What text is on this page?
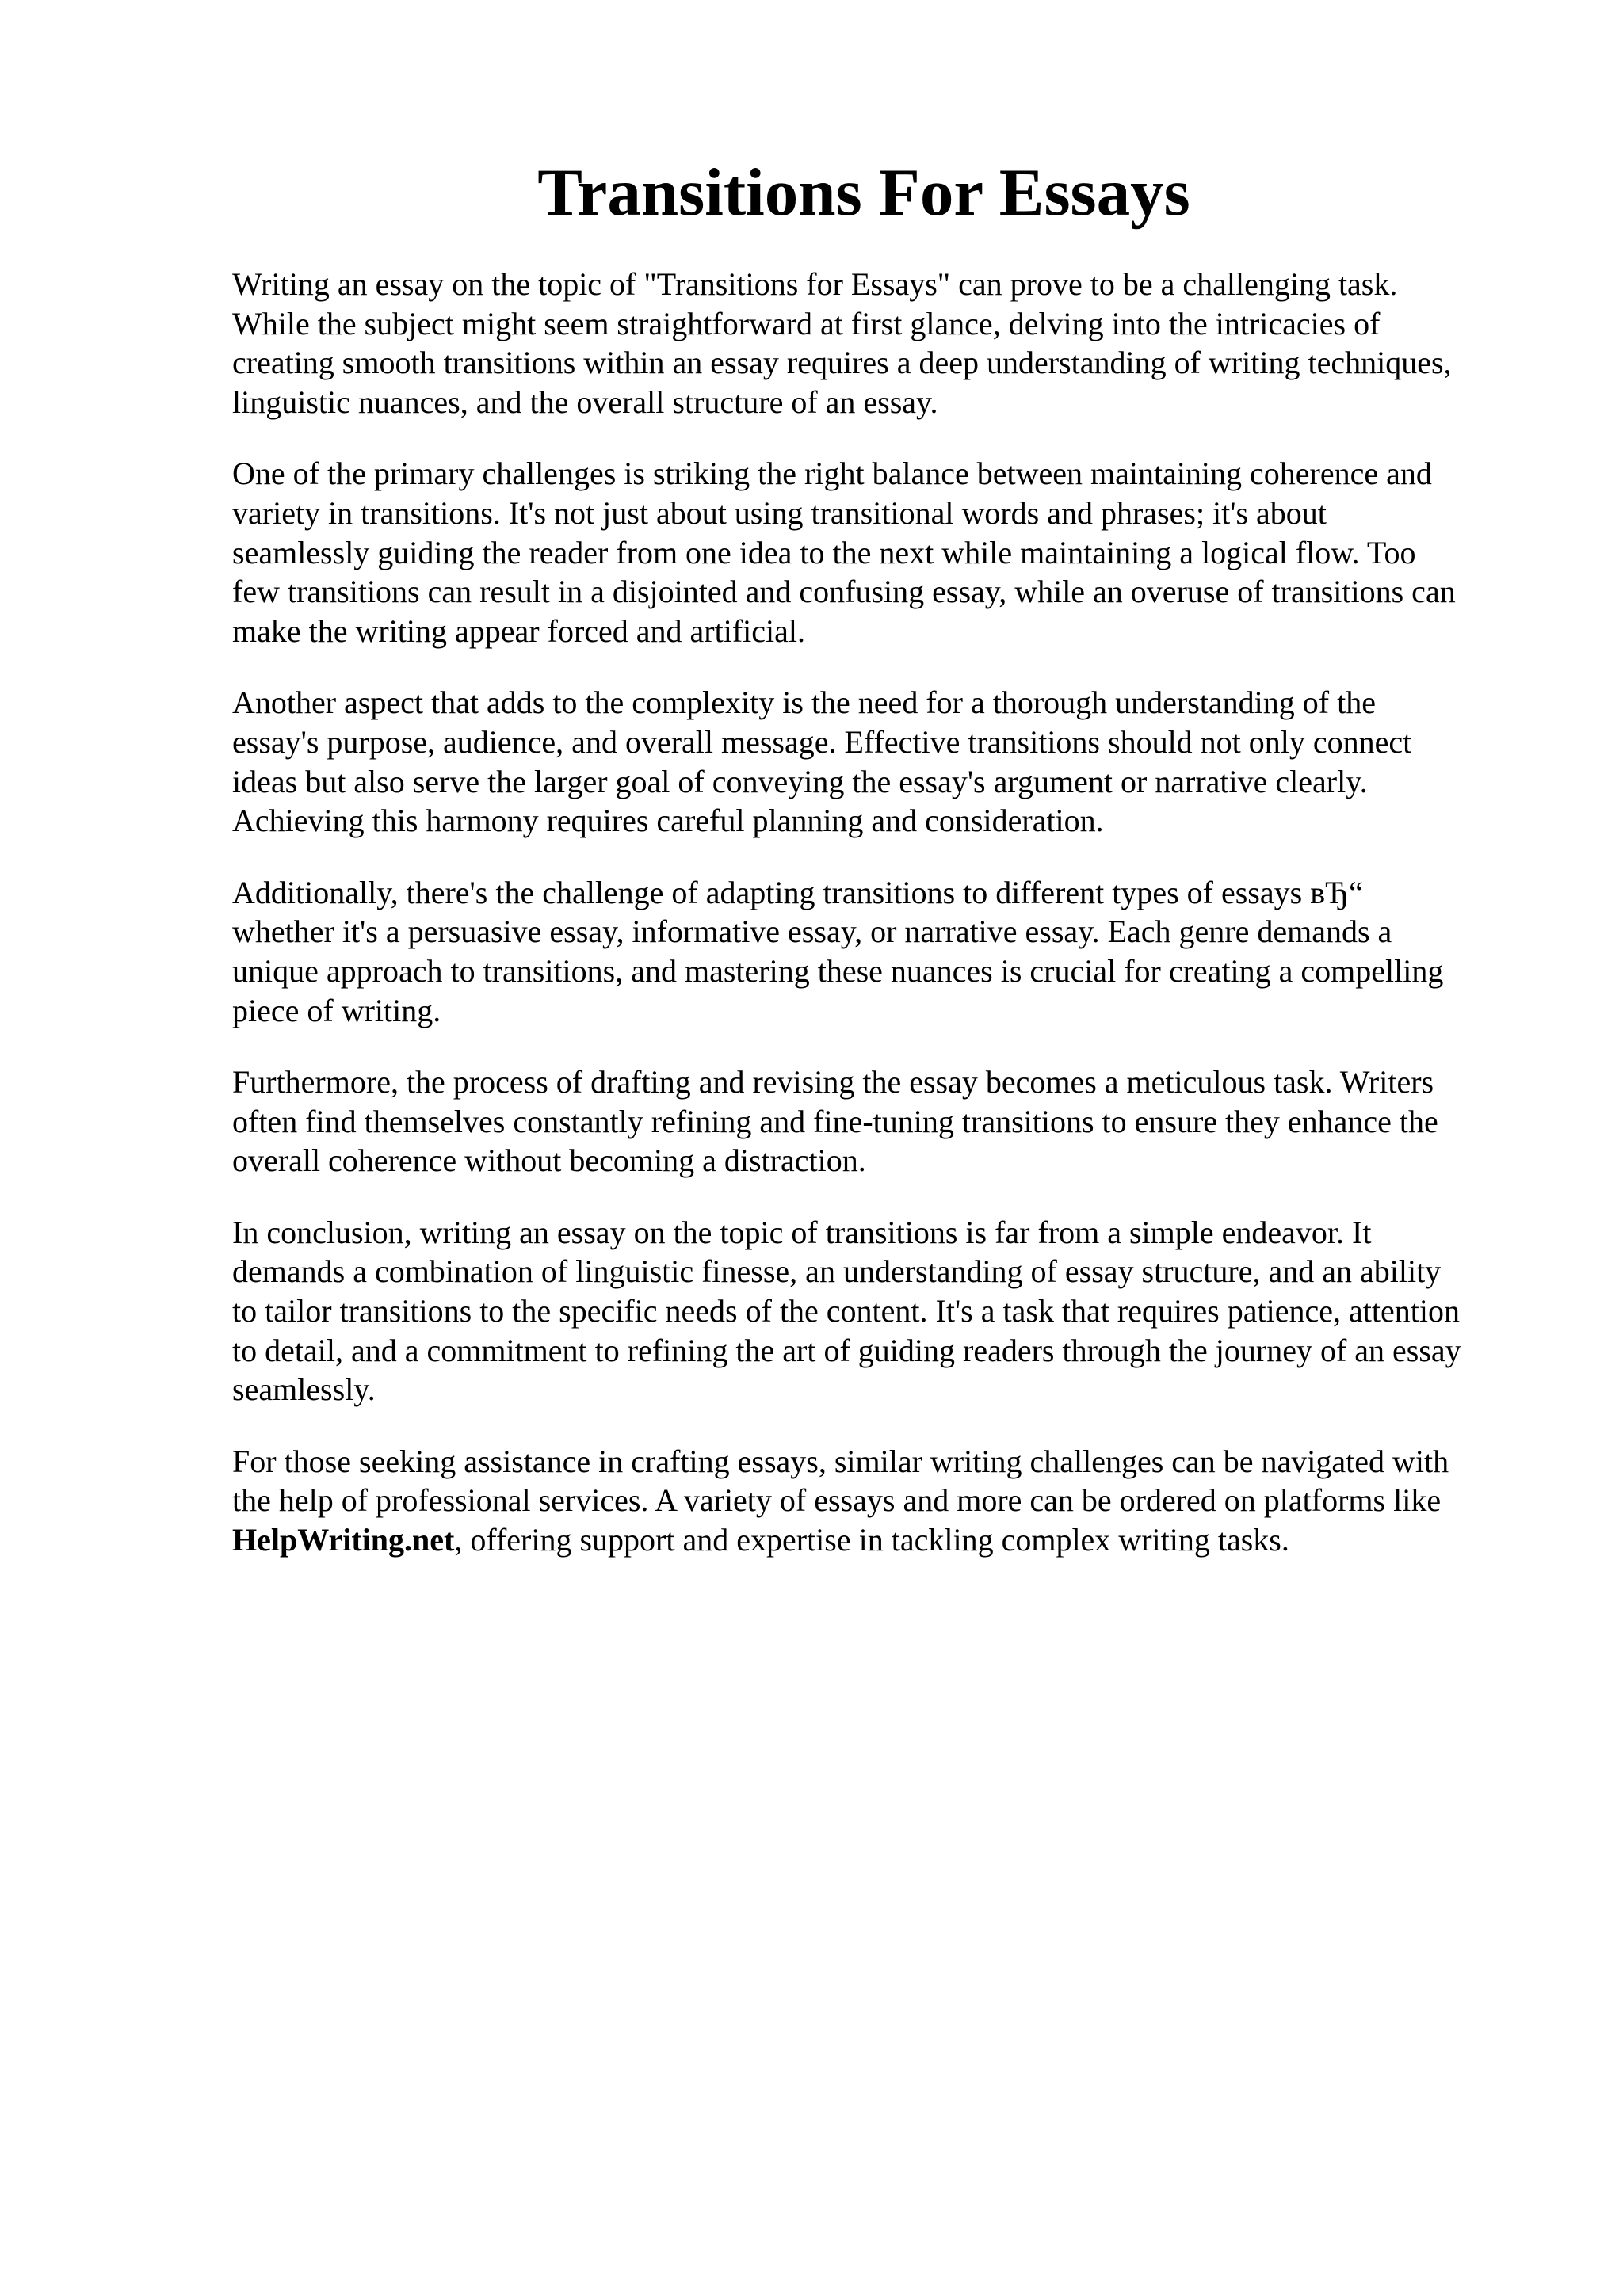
Transitions For Essays

Writing an essay on the topic of "Transitions for Essays" can prove to be a challenging task.
While the subject might seem straightforward at first glance, delving into the intricacies of
creating smooth transitions within an essay requires a deep understanding of writing techniques,
linguistic nuances, and the overall structure of an essay.

One of the primary challenges is striking the right balance between maintaining coherence and
variety in transitions. It's not just about using transitional words and phrases; it's about
seamlessly guiding the reader from one idea to the next while maintaining a logical flow. Too
few transitions can result in a disjointed and confusing essay, while an overuse of transitions can
make the writing appear forced and artificial.

Another aspect that adds to the complexity is the need for a thorough understanding of the
essay's purpose, audience, and overall message. Effective transitions should not only connect
ideas but also serve the larger goal of conveying the essay's argument or narrative clearly.
Achieving this harmony requires careful planning and consideration.

Additionally, there's the challenge of adapting transitions to different types of essays вЂ“
whether it's a persuasive essay, informative essay, or narrative essay. Each genre demands a
unique approach to transitions, and mastering these nuances is crucial for creating a compelling
piece of writing.

Furthermore, the process of drafting and revising the essay becomes a meticulous task. Writers
often find themselves constantly refining and fine-tuning transitions to ensure they enhance the
overall coherence without becoming a distraction.

In conclusion, writing an essay on the topic of transitions is far from a simple endeavor. It
demands a combination of linguistic finesse, an understanding of essay structure, and an ability
to tailor transitions to the specific needs of the content. It's a task that requires patience, attention
to detail, and a commitment to refining the art of guiding readers through the journey of an essay
seamlessly.

For those seeking assistance in crafting essays, similar writing challenges can be navigated with
the help of professional services. A variety of essays and more can be ordered on platforms like
HelpWriting.net, offering support and expertise in tackling complex writing tasks.
